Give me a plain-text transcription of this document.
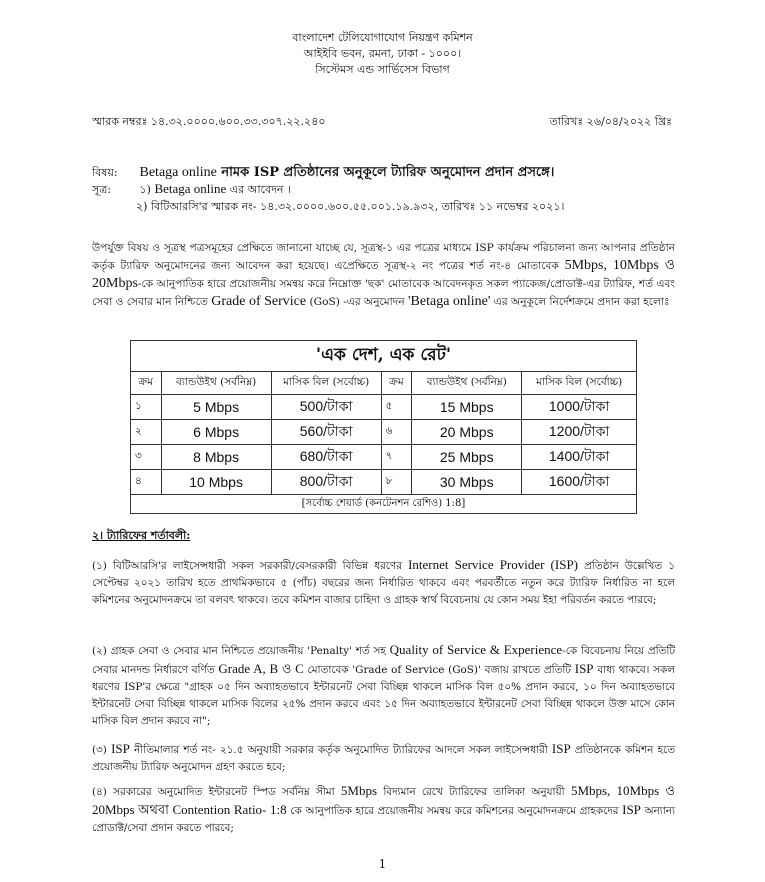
বাংলাদেশ টেলিযোগাযোগ নিয়ন্ত্রণ কমিশন
আইইবি ভবন, রমনা, ঢাকা - ১০০০।
সিস্টেমস এন্ড সার্ভিসেস বিভাগ
স্মারক নম্বরঃ ১৪.৩২.০০০০.৬০০.৩৩.৩০৭.২২.২৪০	তারিখঃ ২৬/০৪/২০২২ খ্রিঃ
বিষয়: Betaga online নামক ISP প্রতিষ্ঠানের অনুকূলে ট্যারিফ অনুমোদন প্রদান প্রসঙ্গে।
সূত্র:	১) Betaga online এর আবেদন ।
২) বিটিআরসি'র স্মারক নং- ১৪.৩২.০০০০.৬০০.৫৫.০০১.১৯.৯৩২, তারিখঃ ১১ নভেম্বর ২০২১।
উপর্যুক্ত বিষয় ও সূত্রস্থ পত্রসমূহের প্রেক্ষিতে জানানো যাচ্ছে যে, সূত্রস্থ-১ এর পত্রের মাধ্যমে ISP কার্যক্রম পরিচালনা জন্য আপনার প্রতিষ্ঠান কর্তৃক ট্যারিফ অনুমোদনের জন্য আবেদন করা হয়েছে। এপ্রেক্ষিতে সূত্রস্থ-২ নং পত্রের শর্ত নং-৪ মোতাবেক 5Mbps, 10Mbps ও 20Mbps-কে আনুপাতিক হারে প্রয়োজনীয় সমন্বয় করে নিম্নোক্ত 'ছক' মোতাবেক আবেদনকৃত সকল প্যাকেজ/প্রোডাক্ট-এর ট্যারিফ, শর্ত এবং সেবা ও সেবার মান নিশ্চিতে Grade of Service (GoS) -এর অনুমোদন 'Betaga online' এর অনুকূলে নির্দেশক্রমে প্রদান করা হলোঃ
'এক দেশ, এক রেট'					
ক্রম	ব্যান্ডউইথ (সর্বনিম্ন)	মাসিক বিল (সর্বোচ্চ)	ক্রম	ব্যান্ডউইথ (সর্বনিম্ন)	মাসিক বিল (সর্বোচ্চ)
১	5 Mbps	500/টাকা	৫	15 Mbps	1000/টাকা
২	6 Mbps	560/টাকা	৬	20 Mbps	1200/টাকা
৩	8 Mbps	680/টাকা	৭	25 Mbps	1400/টাকা
৪	10 Mbps	800/টাকা	৮	30 Mbps	1600/টাকা
[সর্বোচ্চ শেয়ার্ড (কনটেনশন রেশিও) 1:8]					
২। ট্যারিফের শর্তাবলী:
(১) বিটিআরসি'র লাইসেন্সধারী সকল সরকারী/বেসরকারী বিভিন্ন ধরণের Internet Service Provider (ISP) প্রতিষ্ঠান উল্লেখিত ১ সেপ্টেম্বর ২০২১ তারিখ হতে প্রাথমিকভাবে ৫ (পাঁচ) বছরের জন্য নির্ধারিত থাকবে এবং পরবর্তীতে নতুন করে ট্যারিফ নির্ধারিত না হলে কমিশনের অনুমোদনক্রমে তা বলবৎ থাকবে। তবে কমিশন বাজার চাহিদা ও গ্রাহক স্বার্থ বিবেচনায় যে কোন সময় ইহা পরিবর্তন করতে পারবে;
(২) গ্রাহক সেবা ও সেবার মান নিশ্চিতে প্রয়োজনীয় 'Penalty' শর্ত সহ Quality of Service & Experience-কে বিবেচনায় নিয়ে প্রতিটি সেবার মানদন্ড নির্ধারণে বর্ণিত Grade A, B ও C মোতাবেক 'Grade of Service (GoS)' বজায় রাখতে প্রতিটি ISP বাধ্য থাকবে। সকল ধরণের ISP'র ক্ষেত্রে "গ্রাহক ০৫ দিন অব্যাহতভাবে ইন্টারনেট সেবা বিচ্ছিন্ন থাকলে মাসিক বিল ৫০% প্রদান করবে, ১০ দিন অব্যাহতভাবে ইন্টারনেট সেবা বিচ্ছিন্ন থাকলে মাসিক বিলের ২৫% প্রদান করবে এবং ১৫ দিন অব্যাহতভাবে ইন্টারনেট সেবা বিচ্ছিন্ন থাকলে উক্ত মাসে কোন মাসিক বিল প্রদান করবে না";
(৩) ISP নীতিমালার শর্ত নং- ২১.৫ অনুযায়ী সরকার কর্তৃক অনুমোদিত ট্যারিফের আদলে সকল লাইসেন্সধারী ISP প্রতিষ্ঠানকে কমিশন হতে প্রয়োজনীয় ট্যারিফ অনুমোদন গ্রহণ করতে হবে;
(৪) সরকারের অনুমোদিত ইন্টারনেট স্পিড সর্বনিম্ন সীমা 5Mbps বিদ্যমান রেখে ট্যারিফের তালিকা অনুযায়ী 5Mbps, 10Mbps ও 20Mbps অথবা Contention Ratio- 1:8 কে আনুপাতিক হারে প্রয়োজনীয় সমন্বয় করে কমিশনের অনুমোদনক্রমে গ্রাহকদের ISP অন্যান্য প্রোডাক্ট/সেবা প্রদান করতে পারবে;
1
